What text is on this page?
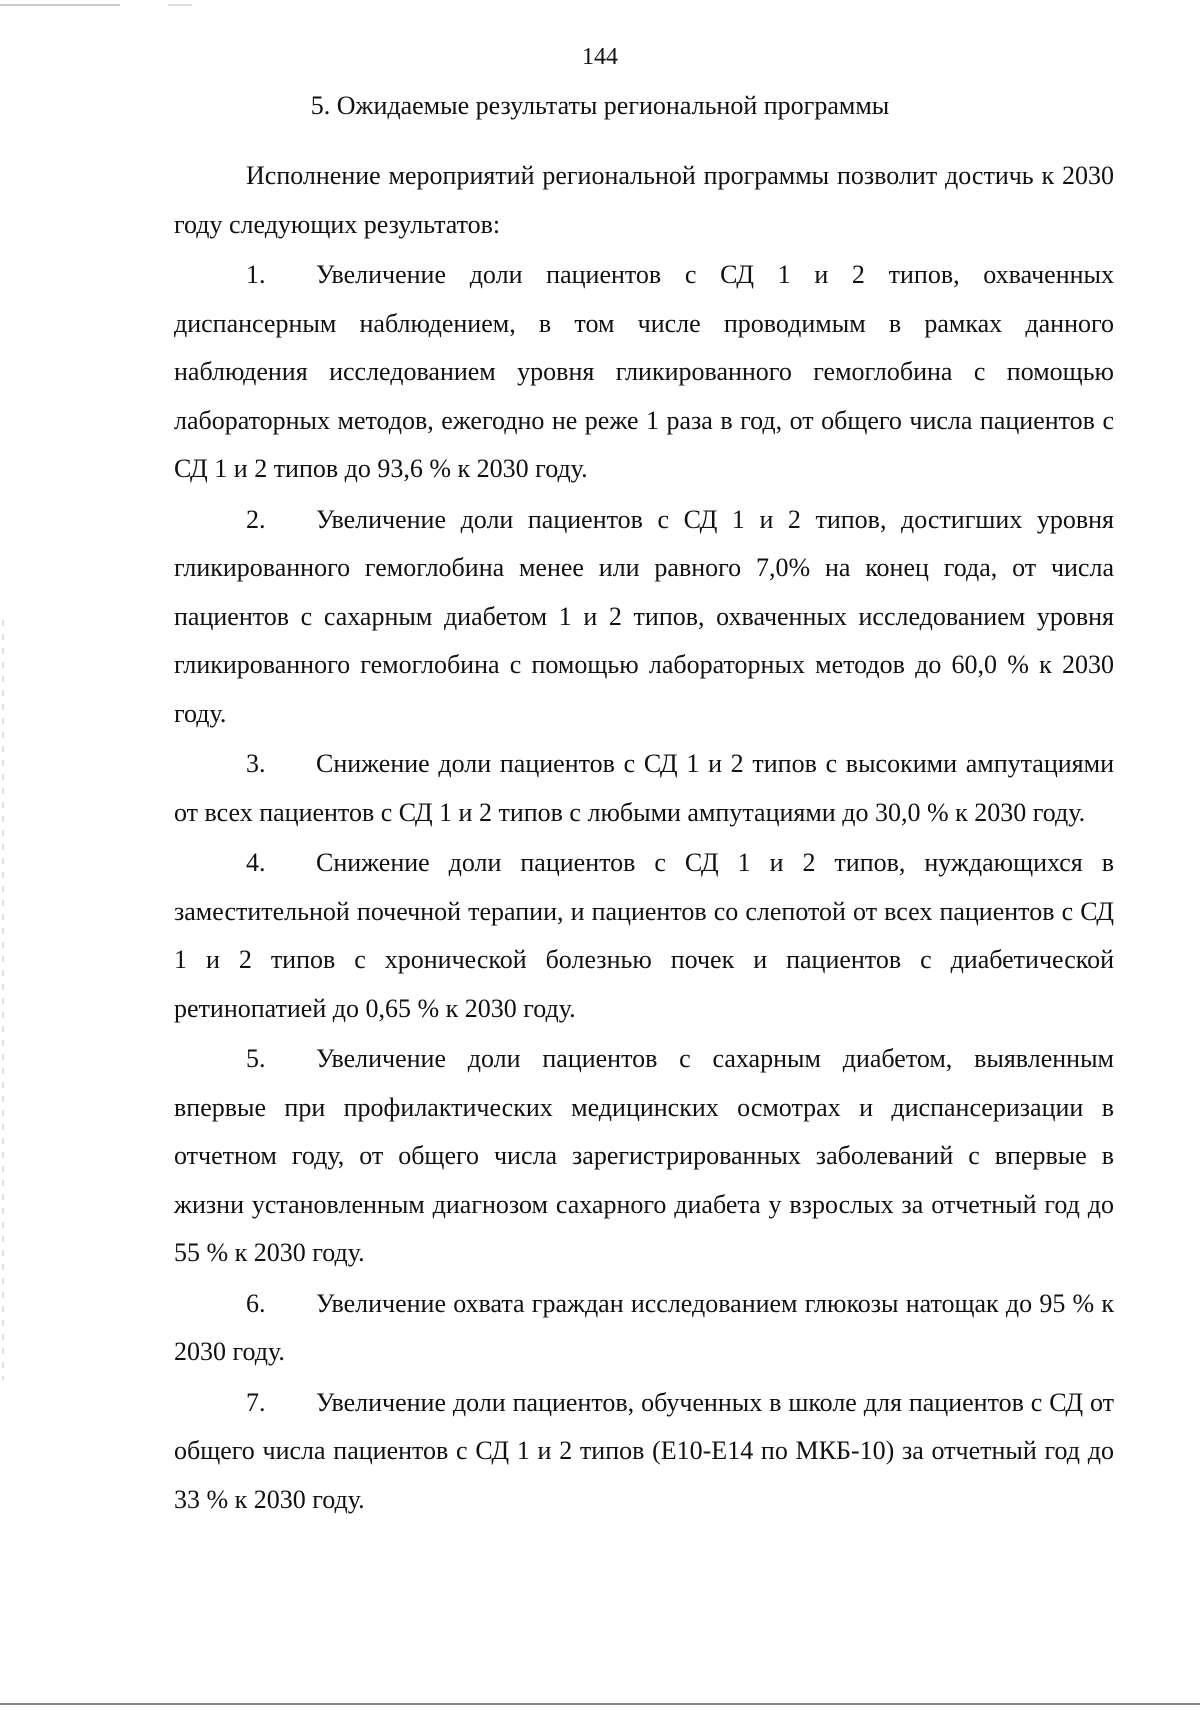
144
5. Ожидаемые результаты региональной программы

Исполнение мероприятий региональной программы позволит достичь к 2030 году следующих результатов:

1. Увеличение доли пациентов с СД 1 и 2 типов, охваченных диспансерным наблюдением, в том числе проводимым в рамках данного наблюдения исследованием уровня гликированного гемоглобина с помощью лабораторных методов, ежегодно не реже 1 раза в год, от общего числа пациентов с СД 1 и 2 типов до 93,6 % к 2030 году.

2. Увеличение доли пациентов с СД 1 и 2 типов, достигших уровня гликированного гемоглобина менее или равного 7,0% на конец года, от числа пациентов с сахарным диабетом 1 и 2 типов, охваченных исследованием уровня гликированного гемоглобина с помощью лабораторных методов до 60,0 % к 2030 году.

3. Снижение доли пациентов с СД 1 и 2 типов с высокими ампутациями от всех пациентов с СД 1 и 2 типов с любыми ампутациями до 30,0 % к 2030 году.

4. Снижение доли пациентов с СД 1 и 2 типов, нуждающихся в заместительной почечной терапии, и пациентов со слепотой от всех пациентов с СД 1 и 2 типов с хронической болезнью почек и пациентов с диабетической ретинопатией до 0,65 % к 2030 году.

5. Увеличение доли пациентов с сахарным диабетом, выявленным впервые при профилактических медицинских осмотрах и диспансеризации в отчетном году, от общего числа зарегистрированных заболеваний с впервые в жизни установленным диагнозом сахарного диабета у взрослых за отчетный год до 55 % к 2030 году.

6. Увеличение охвата граждан исследованием глюкозы натощак до 95 % к 2030 году.

7. Увеличение доли пациентов, обученных в школе для пациентов с СД от общего числа пациентов с СД 1 и 2 типов (Е10-Е14 по МКБ-10) за отчетный год до 33 % к 2030 году.
